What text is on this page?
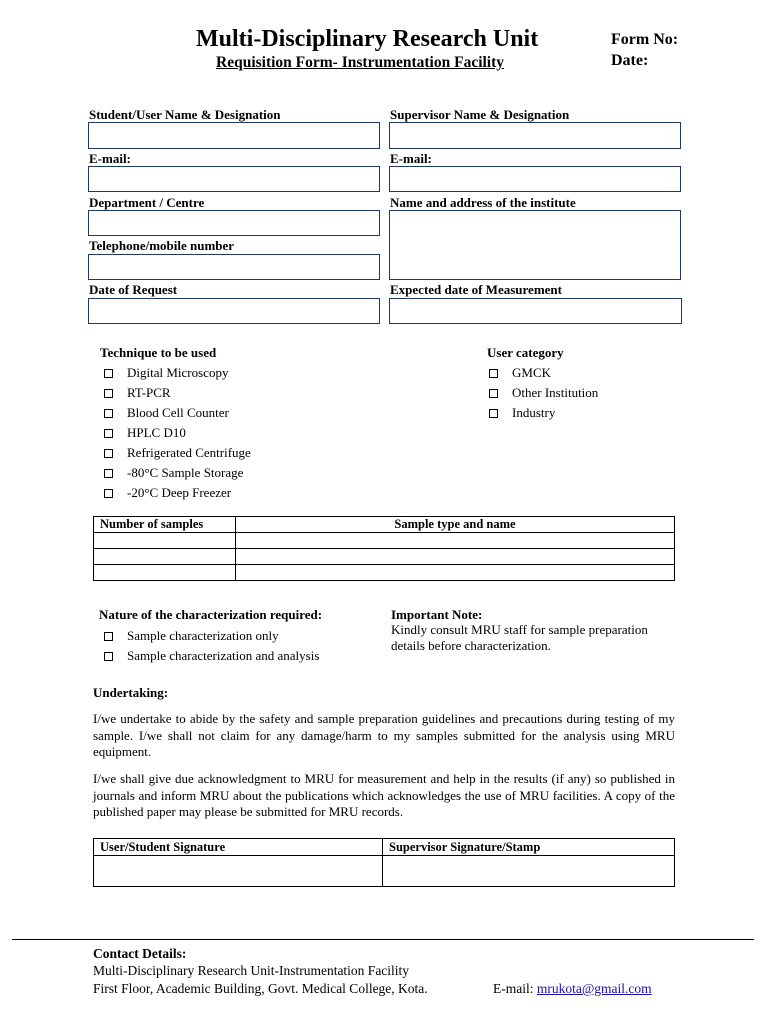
Multi-Disciplinary Research Unit
Requisition Form- Instrumentation Facility
Form No:
Date:
Student/User Name & Designation	Supervisor Name & Designation
E-mail:	E-mail:
Department / Centre	Name and address of the institute
Telephone/mobile number
Date of Request	Expected date of Measurement
Technique to be used
Digital Microscopy
RT-PCR
Blood Cell Counter
HPLC D10
Refrigerated Centrifuge
-80°C Sample Storage
-20°C Deep Freezer
User category
GMCK
Other Institution
Industry
Number of samples	Sample type and name

Nature of the characterization required:
Sample characterization only
Sample characterization and analysis
Important Note:
Kindly consult MRU staff for sample preparation details before characterization.
Undertaking:
I/we undertake to abide by the safety and sample preparation guidelines and precautions during testing of my sample. I/we shall not claim for any damage/harm to my samples submitted for the analysis using MRU equipment.
I/we shall give due acknowledgment to MRU for measurement and help in the results (if any) so published in journals and inform MRU about the publications which acknowledges the use of MRU facilities. A copy of the published paper may please be submitted for MRU records.
User/Student Signature	Supervisor Signature/Stamp

Contact Details:
Multi-Disciplinary Research Unit-Instrumentation Facility
First Floor, Academic Building, Govt. Medical College, Kota.	E-mail: mrukota@gmail.com
